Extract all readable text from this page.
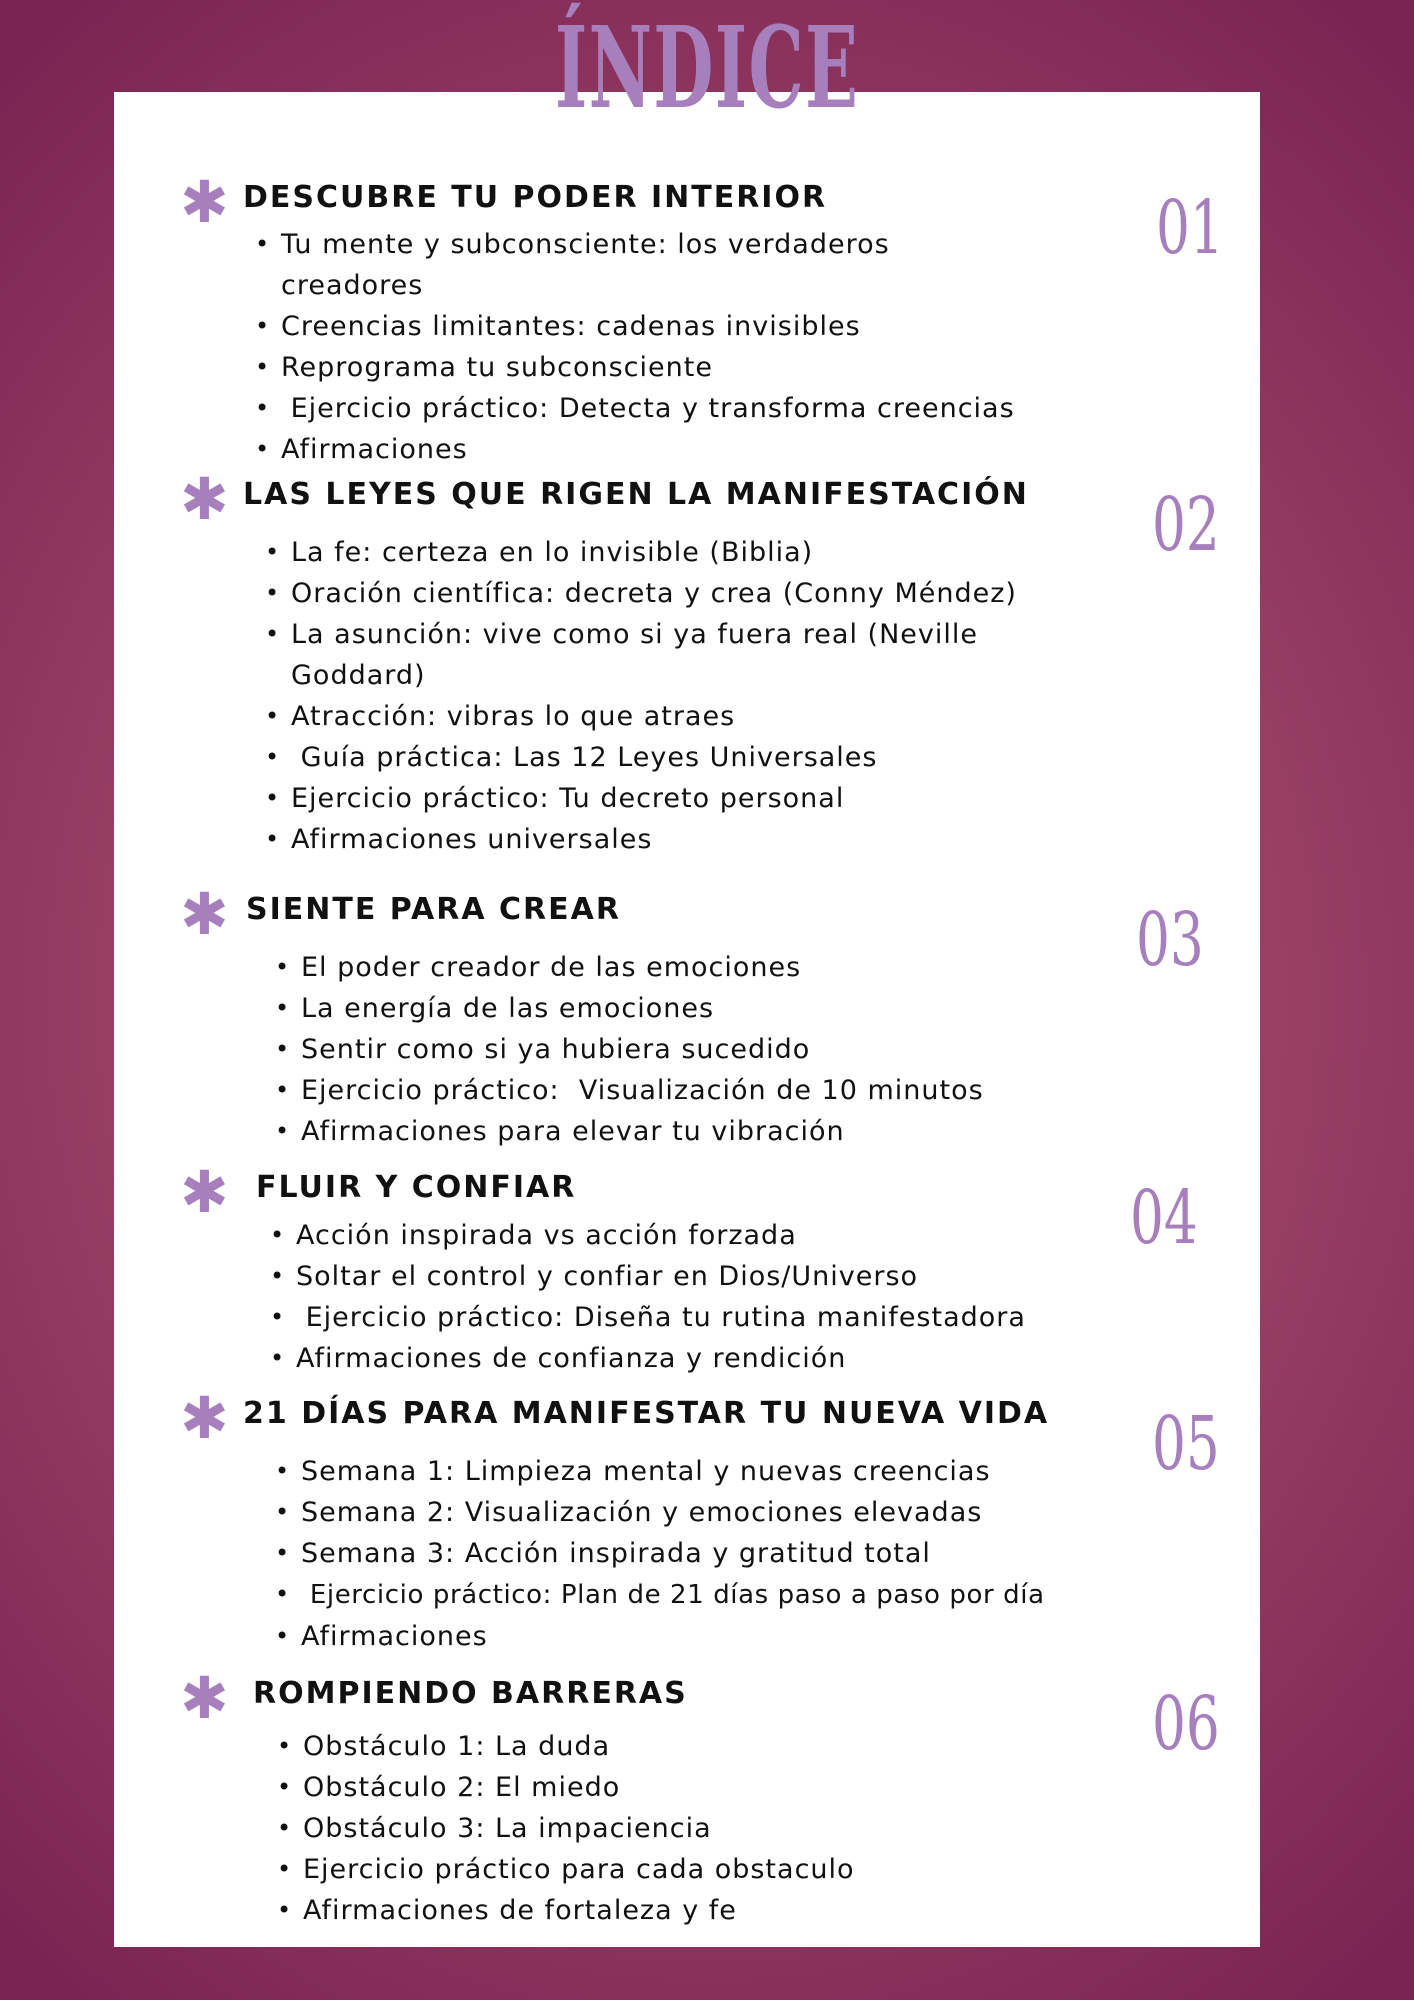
ÍNDICE
✱ DESCUBRE TU PODER INTERIOR	01
• Tu mente y subconsciente: los verdaderos creadores
• Creencias limitantes: cadenas invisibles
• Reprograma tu subconsciente
• Ejercicio práctico: Detecta y transforma creencias
• Afirmaciones
✱ LAS LEYES QUE RIGEN LA MANIFESTACIÓN 02
• La fe: certeza en lo invisible (Biblia)
• Oración científica: decreta y crea (Conny Méndez)
• La asunción: vive como si ya fuera real (Neville Goddard)
• Atracción: vibras lo que atraes
• Guía práctica: Las 12 Leyes Universales
• Ejercicio práctico: Tu decreto personal
• Afirmaciones universales
✱ SIENTE PARA CREAR	03
• El poder creador de las emociones
• La energía de las emociones
• Sentir como si ya hubiera sucedido
• Ejercicio práctico:  Visualización de 10 minutos
• Afirmaciones para elevar tu vibración
✱ FLUIR Y CONFIAR	04
• Acción inspirada vs acción forzada
• Soltar el control y confiar en Dios/Universo
• Ejercicio práctico: Diseña tu rutina manifestadora
• Afirmaciones de confianza y rendición
✱ 21 DÍAS PARA MANIFESTAR TU NUEVA VIDA 05
• Semana 1: Limpieza mental y nuevas creencias
• Semana 2: Visualización y emociones elevadas
• Semana 3: Acción inspirada y gratitud total
• Ejercicio práctico: Plan de 21 días paso a paso por día
• Afirmaciones
✱ ROMPIENDO BARRERAS	06
• Obstáculo 1: La duda
• Obstáculo 2: El miedo
• Obstáculo 3: La impaciencia
• Ejercicio práctico para cada obstaculo
• Afirmaciones de fortaleza y fe
